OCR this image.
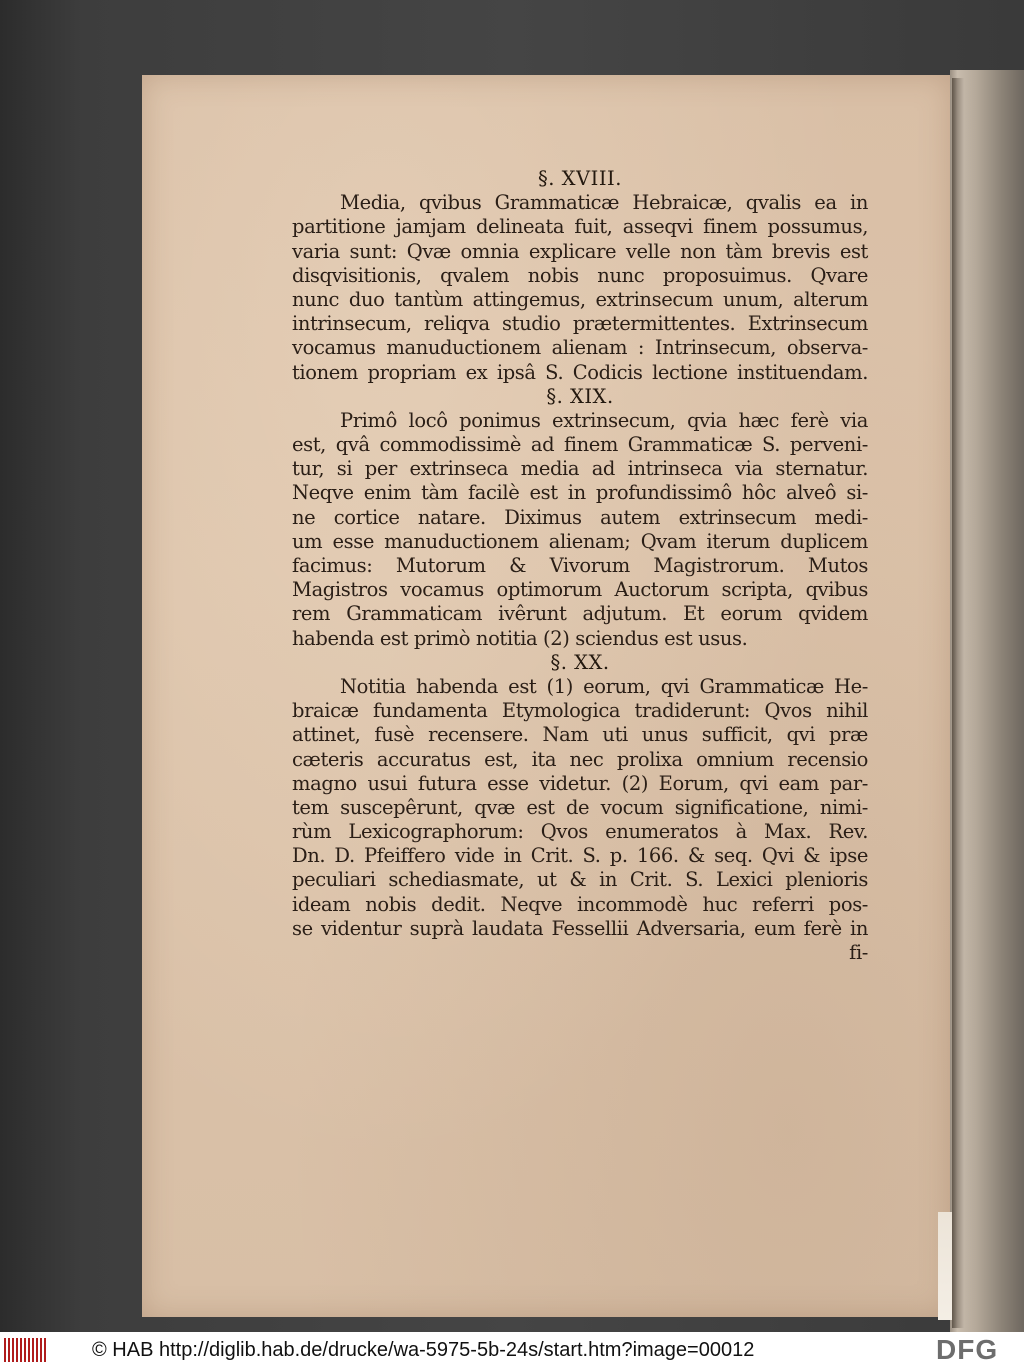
§. XVIII.
Media, qvibus Grammaticæ Hebraicæ, qvalis ea in
partitione jamjam delineata fuit, asseqvi finem possumus,
varia sunt: Qvæ omnia explicare velle non tàm brevis est
disqvisitionis, qvalem nobis nunc proposuimus. Qvare
nunc duo tantùm attingemus, extrinsecum unum, alterum
intrinsecum, reliqva studio prætermittentes. Extrinsecum
vocamus manuductionem alienam : Intrinsecum, observa-
tionem propriam ex ipsâ S. Codicis lectione instituendam.
§. XIX.
Primô locô ponimus extrinsecum, qvia hæc ferè via
est, qvâ commodissimè ad finem Grammaticæ S. perveni-
tur, si per extrinseca media ad intrinseca via sternatur.
Neqve enim tàm facilè est in profundissimô hôc alveô si-
ne cortice natare. Diximus autem extrinsecum medi-
um esse manuductionem alienam; Qvam iterum duplicem
facimus: Mutorum & Vivorum Magistrorum. Mutos
Magistros vocamus optimorum Auctorum scripta, qvibus
rem Grammaticam ivêrunt adjutum. Et eorum qvidem
habenda est primò notitia (2) sciendus est usus.
§. XX.
Notitia habenda est (1) eorum, qvi Grammaticæ He-
braicæ fundamenta Etymologica tradiderunt: Qvos nihil
attinet, fusè recensere. Nam uti unus sufficit, qvi præ
cæteris accuratus est, ita nec prolixa omnium recensio
magno usui futura esse videtur. (2) Eorum, qvi eam par-
tem suscepêrunt, qvæ est de vocum significatione, nimi-
rùm Lexicographorum: Qvos enumeratos à Max. Rev.
Dn. D. Pfeiffero vide in Crit. S. p. 166. & seq. Qvi & ipse
peculiari schediasmate, ut & in Crit. S. Lexici plenioris
ideam nobis dedit. Neqve incommodè huc referri pos-
se videntur suprà laudata Fessellii Adversaria, eum ferè in
fi-
© HAB http://diglib.hab.de/drucke/wa-5975-5b-24s/start.htm?image=00012	DFG
